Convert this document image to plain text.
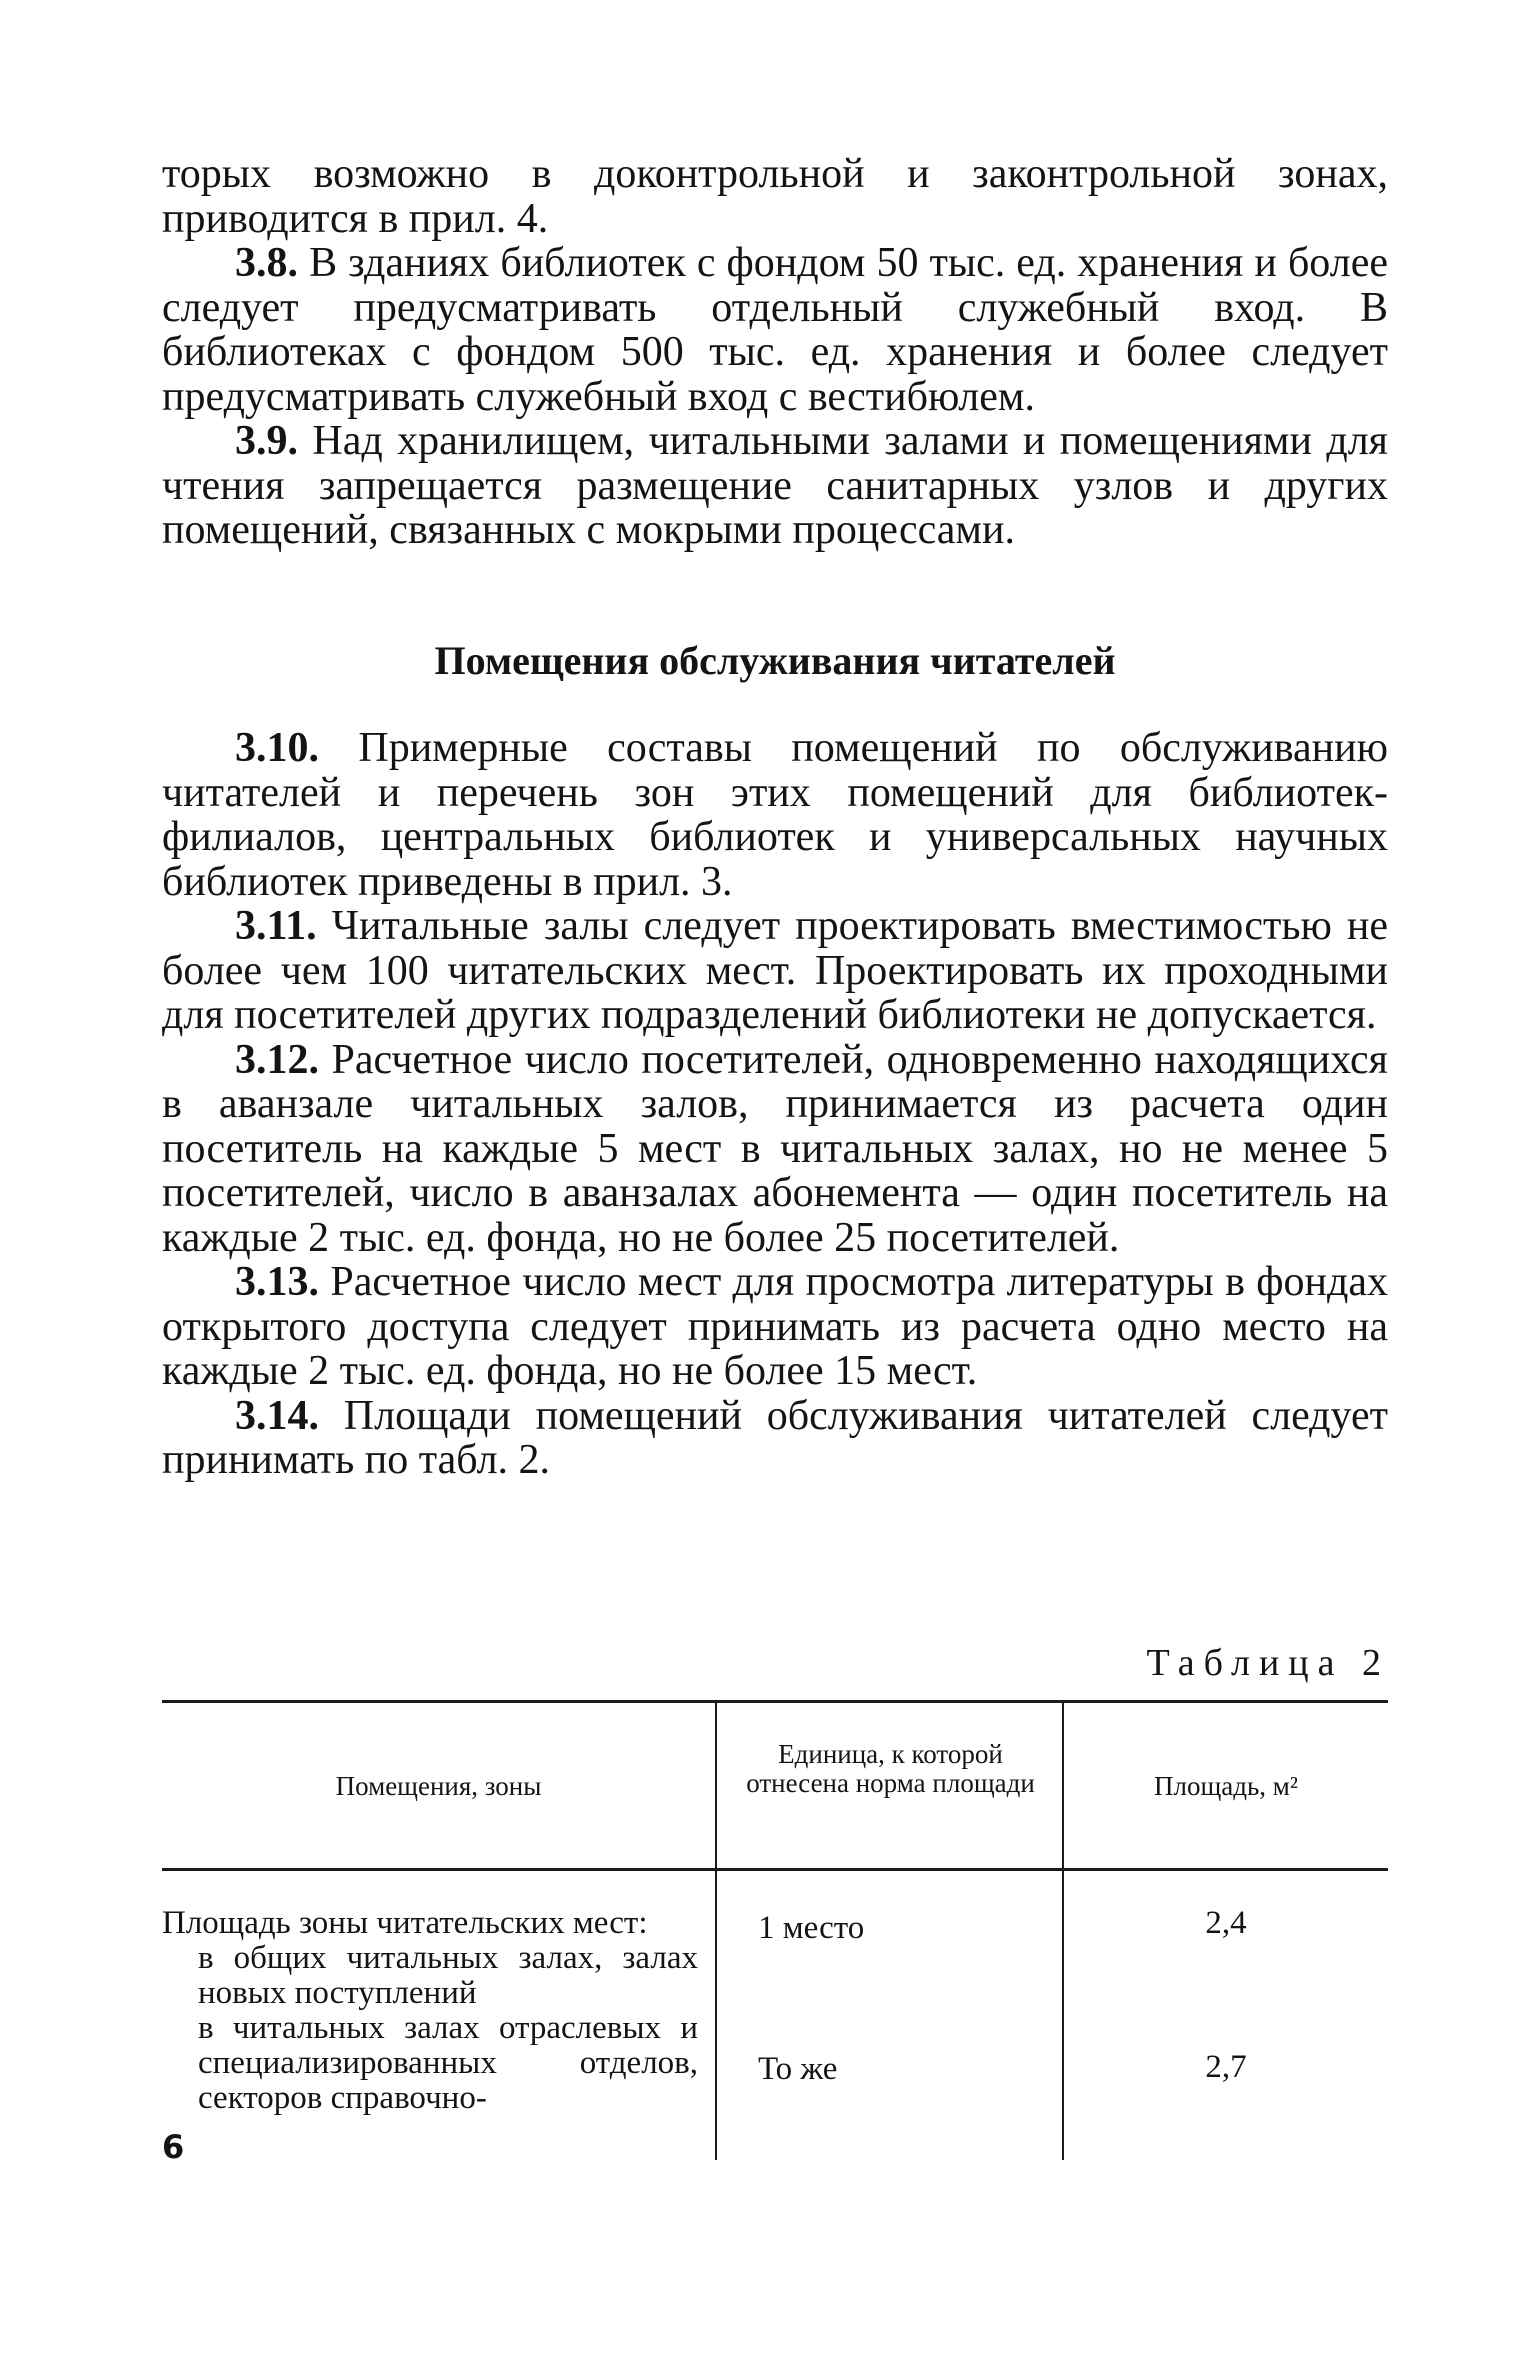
торых возможно в доконтрольной и законтрольной зонах, приводится в прил. 4.

3.8. В зданиях библиотек с фондом 50 тыс. ед. хранения и более следует предусматривать отдельный служебный вход. В библиотеках с фондом 500 тыс. ед. хранения и более следует предусматривать служебный вход с вестибюлем.

3.9. Над хранилищем, читальными залами и помещениями для чтения запрещается размещение санитарных узлов и других помещений, связанных с мокрыми процессами.

Помещения обслуживания читателей

3.10. Примерные составы помещений по обслуживанию читателей и перечень зон этих помещений для библиотек-филиалов, центральных библиотек и универсальных научных библиотек приведены в прил. 3.

3.11. Читальные залы следует проектировать вместимостью не более чем 100 читательских мест. Проектировать их проходными для посетителей других подразделений библиотеки не допускается.

3.12. Расчетное число посетителей, одновременно находящихся в аванзале читальных залов, принимается из расчета один посетитель на каждые 5 мест в читальных залах, но не менее 5 посетителей, число в аванзалах абонемента — один посетитель на каждые 2 тыс. ед. фонда, но не более 25 посетителей.

3.13. Расчетное число мест для просмотра литературы в фондах открытого доступа следует принимать из расчета одно место на каждые 2 тыс. ед. фонда, но не более 15 мест.

3.14. Площади помещений обслуживания читателей следует принимать по табл. 2.

Таблица 2
Помещения, зоны
Единица, к которой отнесена норма площади	Площадь, м²

Площадь зоны читательских мест:

в общих читальных залах, залах новых поступлений

в читальных залах отраслевых и специализированных отделов, секторов справочно-

1 место
То же
2,4
2,7
6
